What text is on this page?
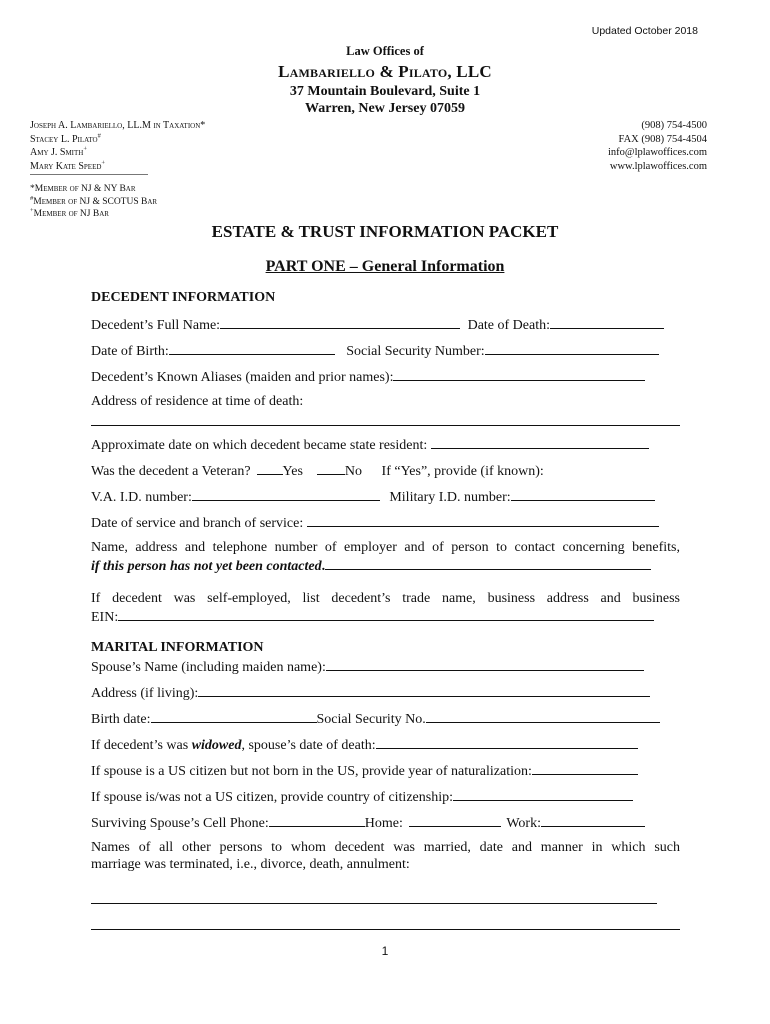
Updated October 2018
Law Offices of
Lambariello & Pilato, LLC
37 Mountain Boulevard, Suite 1
Warren, New Jersey 07059
Joseph A. Lambariello, LL.M in Taxation*
Stacey L. Pilato#
Amy J. Smith+
Mary Kate Speed+
(908) 754-4500
FAX (908) 754-4504
info@lplawoffices.com
www.lplawoffices.com
*Member of NJ & NY Bar
#Member of NJ & SCOTUS Bar
+Member of NJ Bar
ESTATE & TRUST INFORMATION PACKET
PART ONE – General Information
DECEDENT INFORMATION
Decedent’s Full Name:	Date of Death:
Date of Birth:	Social Security Number:
Decedent’s Known Aliases (maiden and prior names):
Address of residence at time of death:
Approximate date on which decedent became state resident:
Was the decedent a Veteran? Yes	No If “Yes”, provide (if known):
V.A. I.D. number:	Military I.D. number:
Date of service and branch of service:
Name, address and telephone number of employer and of person to contact concerning benefits,
if this person has not yet been contacted.
If decedent was self-employed, list decedent’s trade name, business address and business
EIN:
MARITAL INFORMATION
Spouse’s Name (including maiden name):
Address (if living):
Birth date:	Social Security No.
If decedent’s was widowed, spouse’s date of death:
If spouse is a US citizen but not born in the US, provide year of naturalization:
If spouse is/was not a US citizen, provide country of citizenship:
Surviving Spouse’s Cell Phone:	Home:	Work:
Names of all other persons to whom decedent was married, date and manner in which such
marriage was terminated, i.e., divorce, death, annulment:
1
